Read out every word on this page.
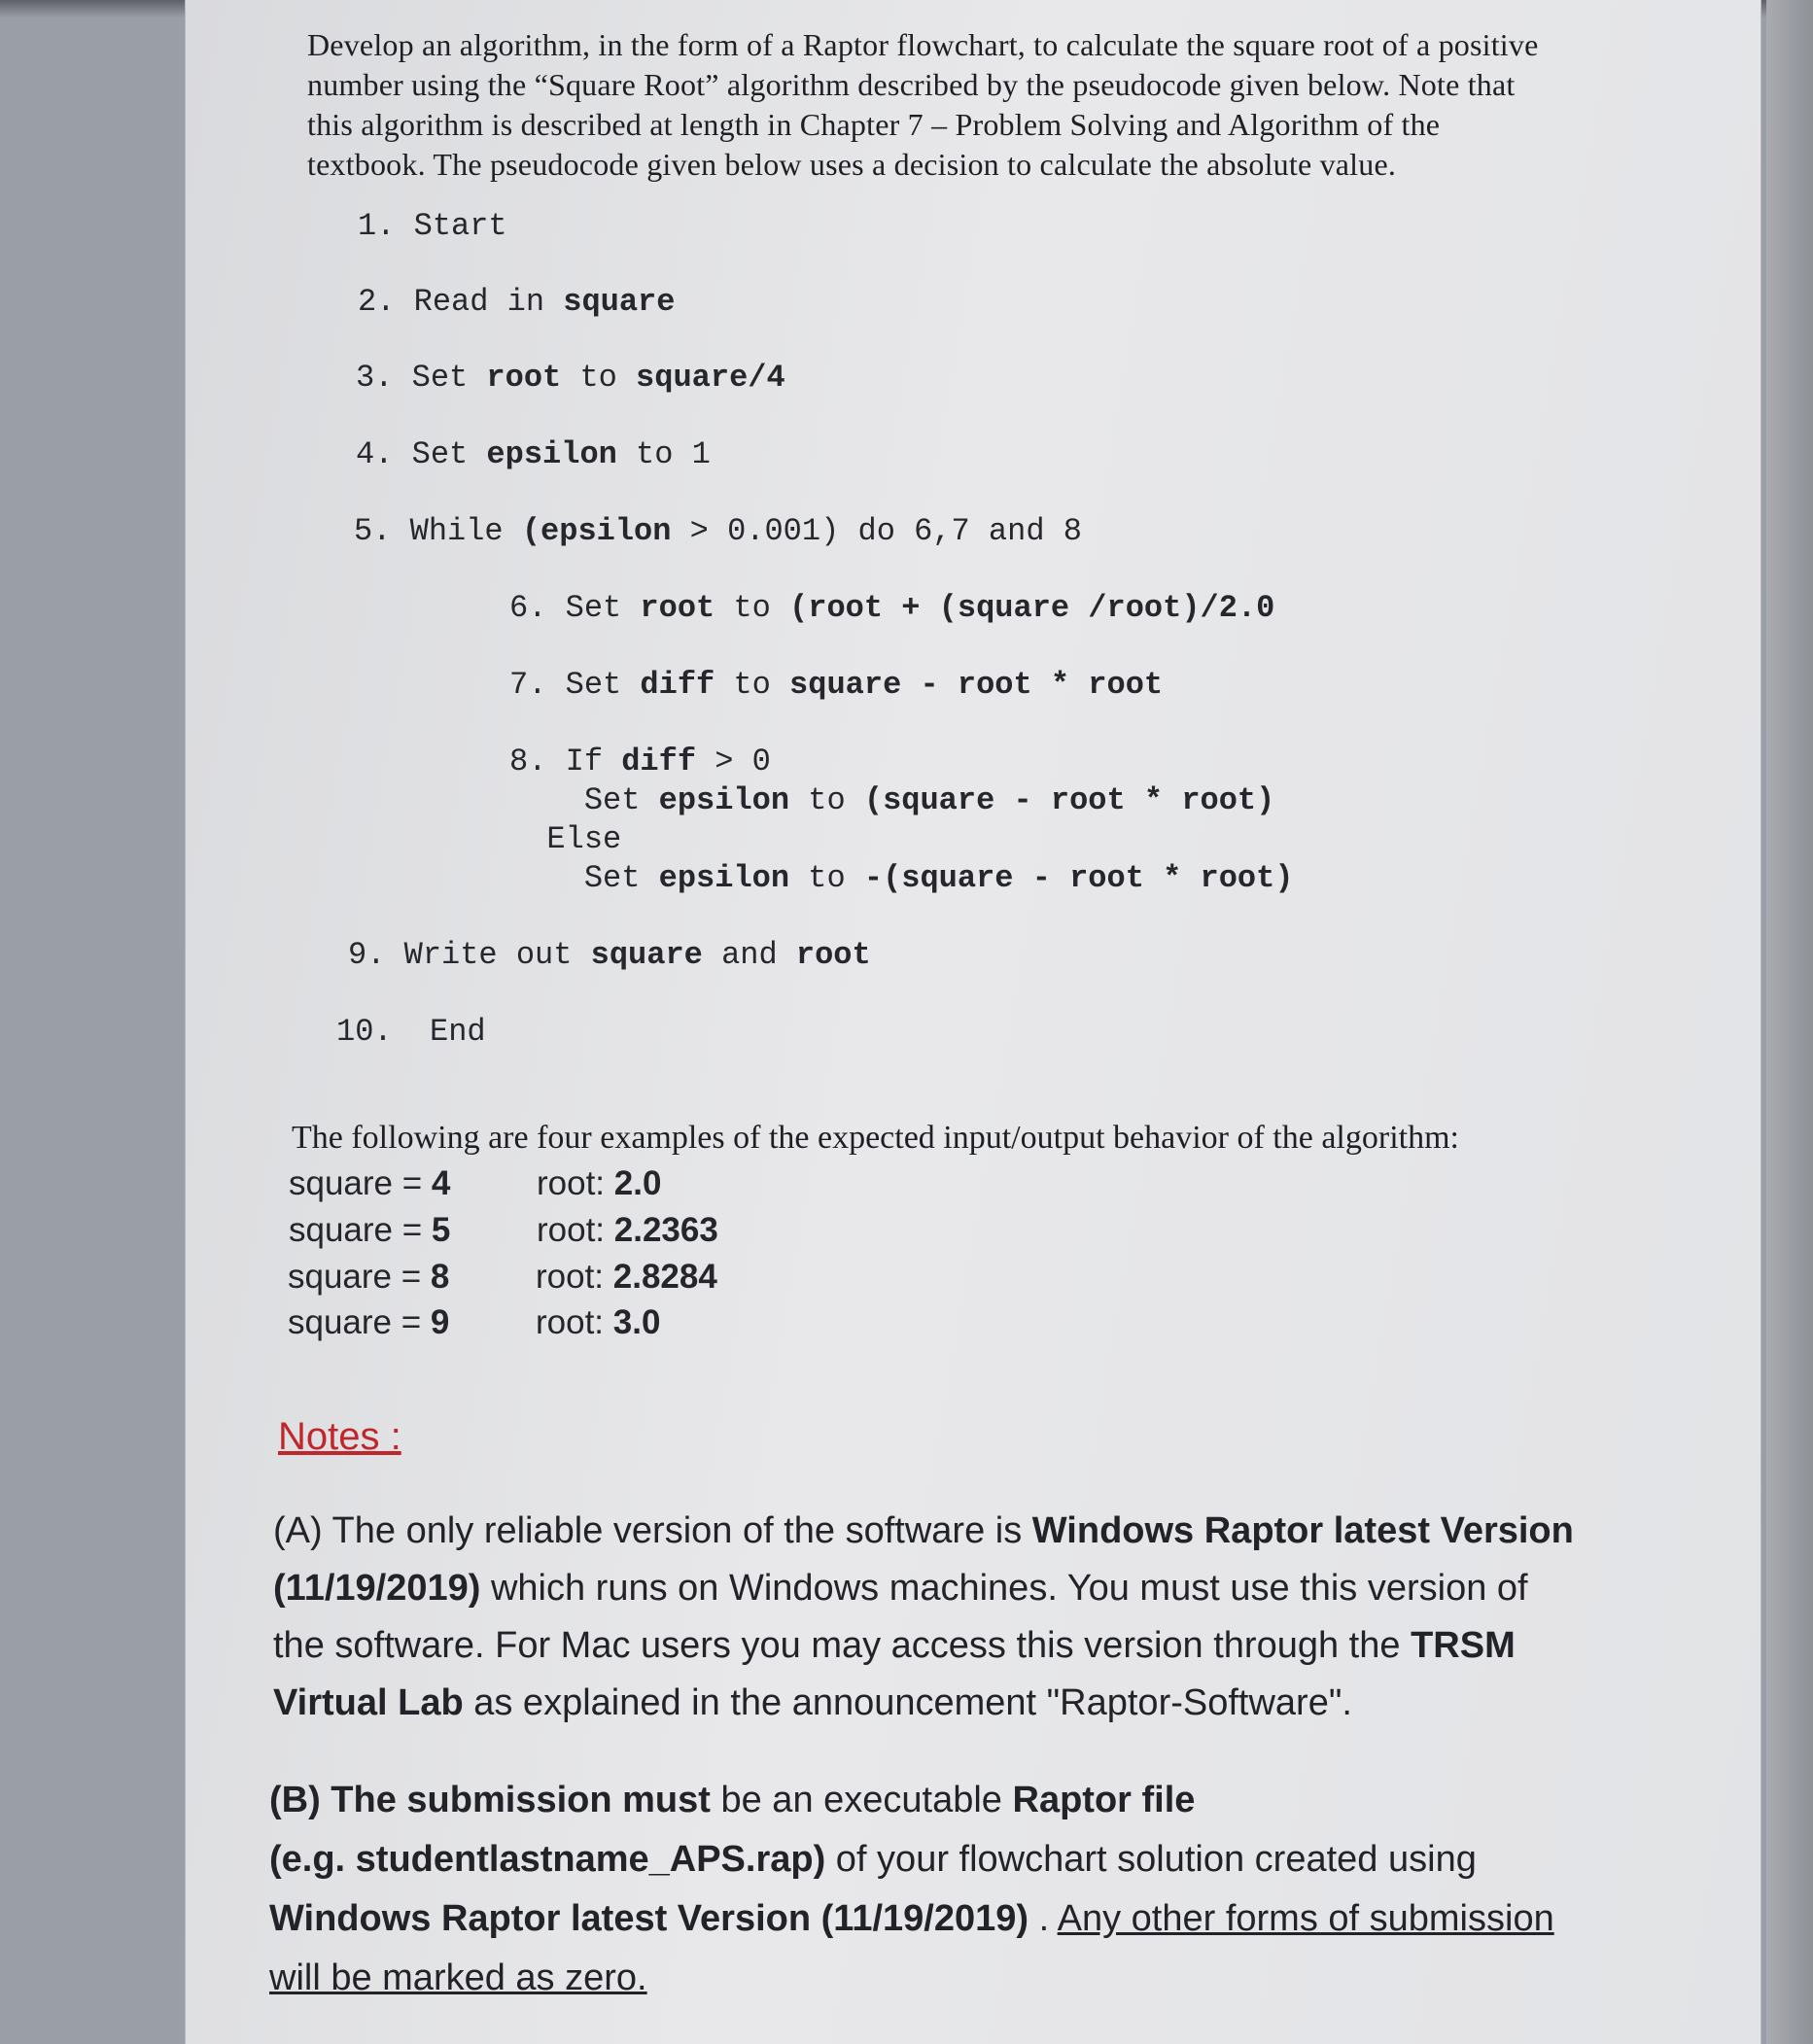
Develop an algorithm, in the form of a Raptor flowchart, to calculate the square root of a positive

number using the “Square Root” algorithm described by the pseudocode given below. Note that

this algorithm is described at length in Chapter 7 – Problem Solving and Algorithm of the

textbook. The pseudocode given below uses a decision to calculate the absolute value.

1. Start
2. Read in square
3. Set root to square/4
4. Set epsilon to 1
5. While (epsilon > 0.001) do 6,7 and 8
6. Set root to (root + (square /root)/2.0
7. Set diff to square - root * root
8. If diff > 0
Set epsilon to (square - root * root)
Else
Set epsilon to -(square - root * root)
9. Write out square and root
10. End
The following are four examples of the expected input/output behavior of the algorithm:
square = 4	root: 2.0
square = 5	root: 2.2363
square = 8	root: 2.8284
square = 9	root: 3.0
Notes :
(A) The only reliable version of the software is Windows Raptor latest Version
(11/19/2019) which runs on Windows machines. You must use this version of
the software. For Mac users you may access this version through the TRSM
Virtual Lab as explained in the announcement "Raptor-Software".
(B) The submission must be an executable Raptor file
(e.g. studentlastname_APS.rap) of your flowchart solution created using
Windows Raptor latest Version (11/19/2019) . Any other forms of submission
will be marked as zero.
